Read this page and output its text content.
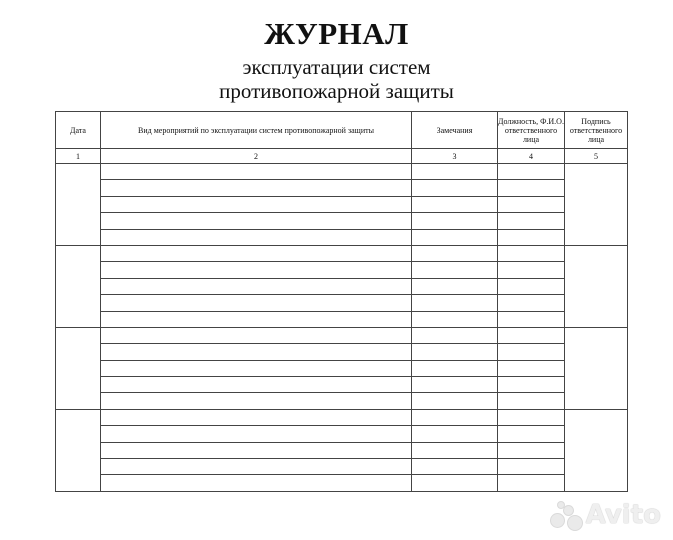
ЖУРНАЛ
эксплуатации систем
противопожарной защиты
Дата	Вид мероприятий по эксплуатации систем противопожарной защиты	Замечания	Должность, Ф.И.О. ответственного лица	Подпись ответственного лица
1	2	3	4	5

Avito
